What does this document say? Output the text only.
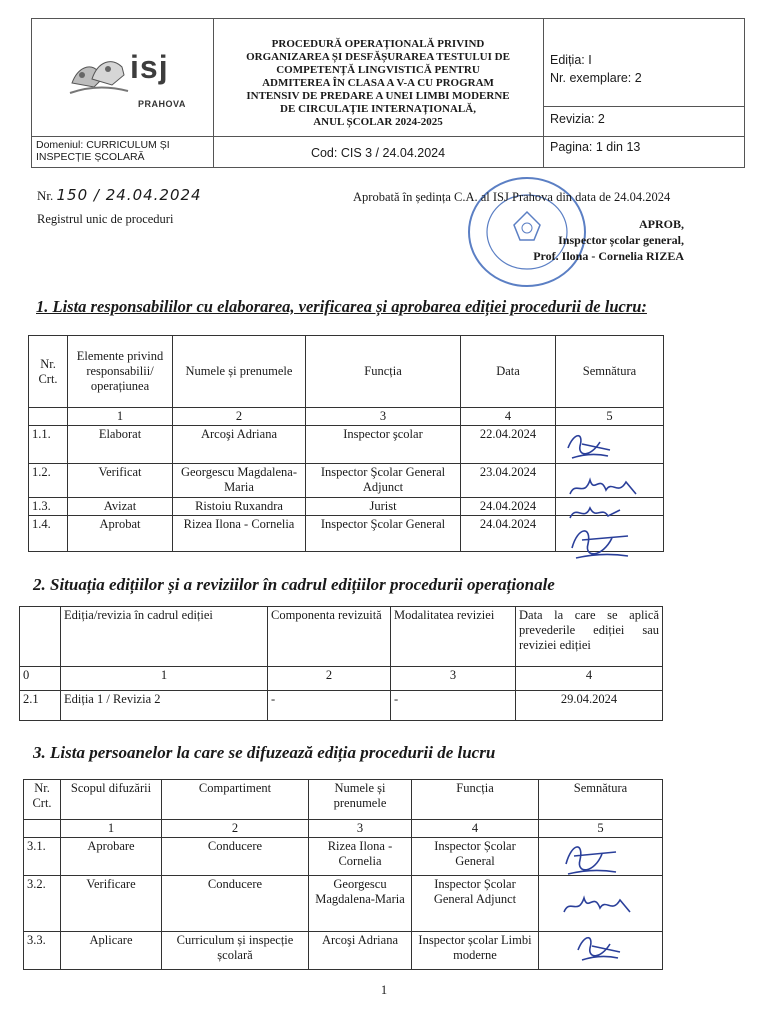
isj
PRAHOVA
PROCEDURĂ OPERAȚIONALĂ PRIVIND
ORGANIZAREA ȘI DESFĂȘURAREA TESTULUI DE
COMPETENȚĂ LINGVISTICĂ PENTRU
ADMITEREA ÎN CLASA A V-A CU PROGRAM
INTENSIV DE PREDARE A UNEI LIMBI MODERNE
DE CIRCULAȚIE INTERNAȚIONALĂ,
ANUL ȘCOLAR 2024-2025
Ediția: I
Nr. exemplare: 2
Revizia: 2
Pagina: 1 din 13
Domeniul: CURRICULUM ȘI
INSPECȚIE ȘCOLARĂ	Cod: CIS 3 / 24.04.2024
Nr. 150 / 24.04.2024
Registrul unic de proceduri
Aprobată în ședința C.A. al ISJ Prahova din data de 24.04.2024
APROB,
Inspector școlar general,
Prof. Ilona - Cornelia RIZEA
1. Lista responsabililor cu elaborarea, verificarea și aprobarea ediției procedurii de lucru:
Nr. Crt.	Elemente privind responsabilii/ operațiunea	Numele și prenumele	Funcția	Data	Semnătura
	1	2	3	4	5
1.1.	Elaborat	Arcoşi Adriana	Inspector şcolar	22.04.2024	
1.2.	Verificat	Georgescu Magdalena-Maria	Inspector Şcolar General Adjunct	23.04.2024	
1.3.	Avizat	Ristoiu Ruxandra	Jurist	24.04.2024	
1.4.	Aprobat	Rizea Ilona - Cornelia	Inspector Şcolar General	24.04.2024	
2. Situația edițiilor și a reviziilor în cadrul edițiilor procedurii operaționale
	Ediția/revizia în cadrul ediției	Componenta revizuită	Modalitatea reviziei	Data la care se aplică prevederile ediției sau reviziei ediției
0	1	2	3	4
2.1	Ediția 1 / Revizia 2	-	-	29.04.2024
3. Lista persoanelor la care se difuzează ediția procedurii de lucru
Nr. Crt.	Scopul difuzării	Compartiment	Numele și prenumele	Funcția	Semnătura
	1	2	3	4	5
3.1.	Aprobare	Conducere	Rizea Ilona - Cornelia	Inspector Școlar General	
3.2.	Verificare	Conducere	Georgescu Magdalena-Maria	Inspector Școlar General Adjunct	
3.3.	Aplicare	Curriculum și inspecție școlară	Arcoşi Adriana	Inspector școlar Limbi moderne	
1
